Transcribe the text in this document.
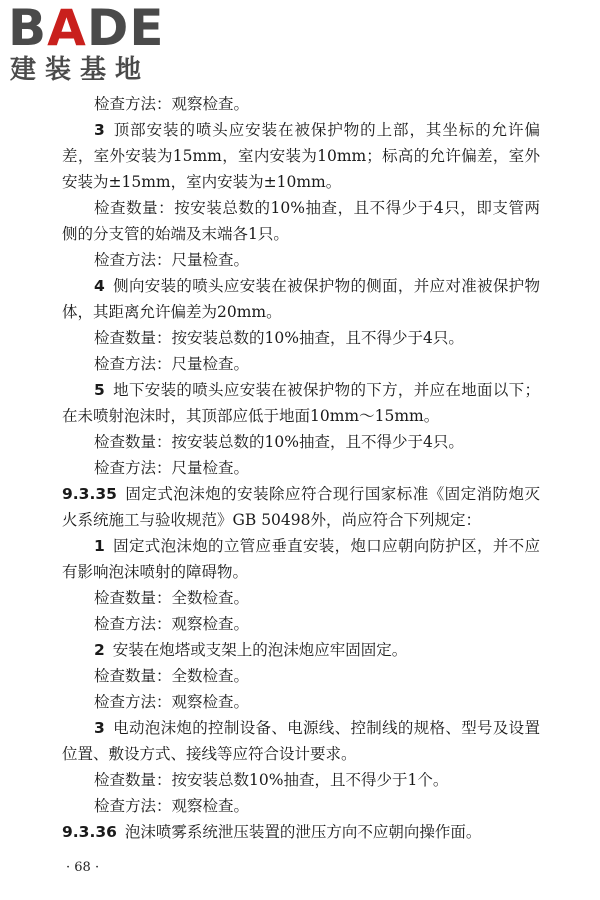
BADE
建装基地

检查方法：观察检查。

3 顶部安装的喷头应安装在被保护物的上部，其坐标的允许偏差，室外安装为15mm，室内安装为10mm；标高的允许偏差，室外安装为±15mm，室内安装为±10mm。

检查数量：按安装总数的10%抽查，且不得少于4只，即支管两侧的分支管的始端及末端各1只。

检查方法：尺量检查。

4 侧向安装的喷头应安装在被保护物的侧面，并应对准被保护物体，其距离允许偏差为20mm。

检查数量：按安装总数的10%抽查，且不得少于4只。

检查方法：尺量检查。

5 地下安装的喷头应安装在被保护物的下方，并应在地面以下；在未喷射泡沫时，其顶部应低于地面10mm～15mm。

检查数量：按安装总数的10%抽查，且不得少于4只。

检查方法：尺量检查。

9.3.35 固定式泡沫炮的安装除应符合现行国家标准《固定消防炮灭火系统施工与验收规范》GB 50498外，尚应符合下列规定：

1 固定式泡沫炮的立管应垂直安装，炮口应朝向防护区，并不应有影响泡沫喷射的障碍物。

检查数量：全数检查。

检查方法：观察检查。

2 安装在炮塔或支架上的泡沫炮应牢固固定。

检查数量：全数检查。

检查方法：观察检查。

3 电动泡沫炮的控制设备、电源线、控制线的规格、型号及设置位置、敷设方式、接线等应符合设计要求。

检查数量：按安装总数10%抽查，且不得少于1个。

检查方法：观察检查。

9.3.36 泡沫喷雾系统泄压装置的泄压方向不应朝向操作面。

· 68 ·
